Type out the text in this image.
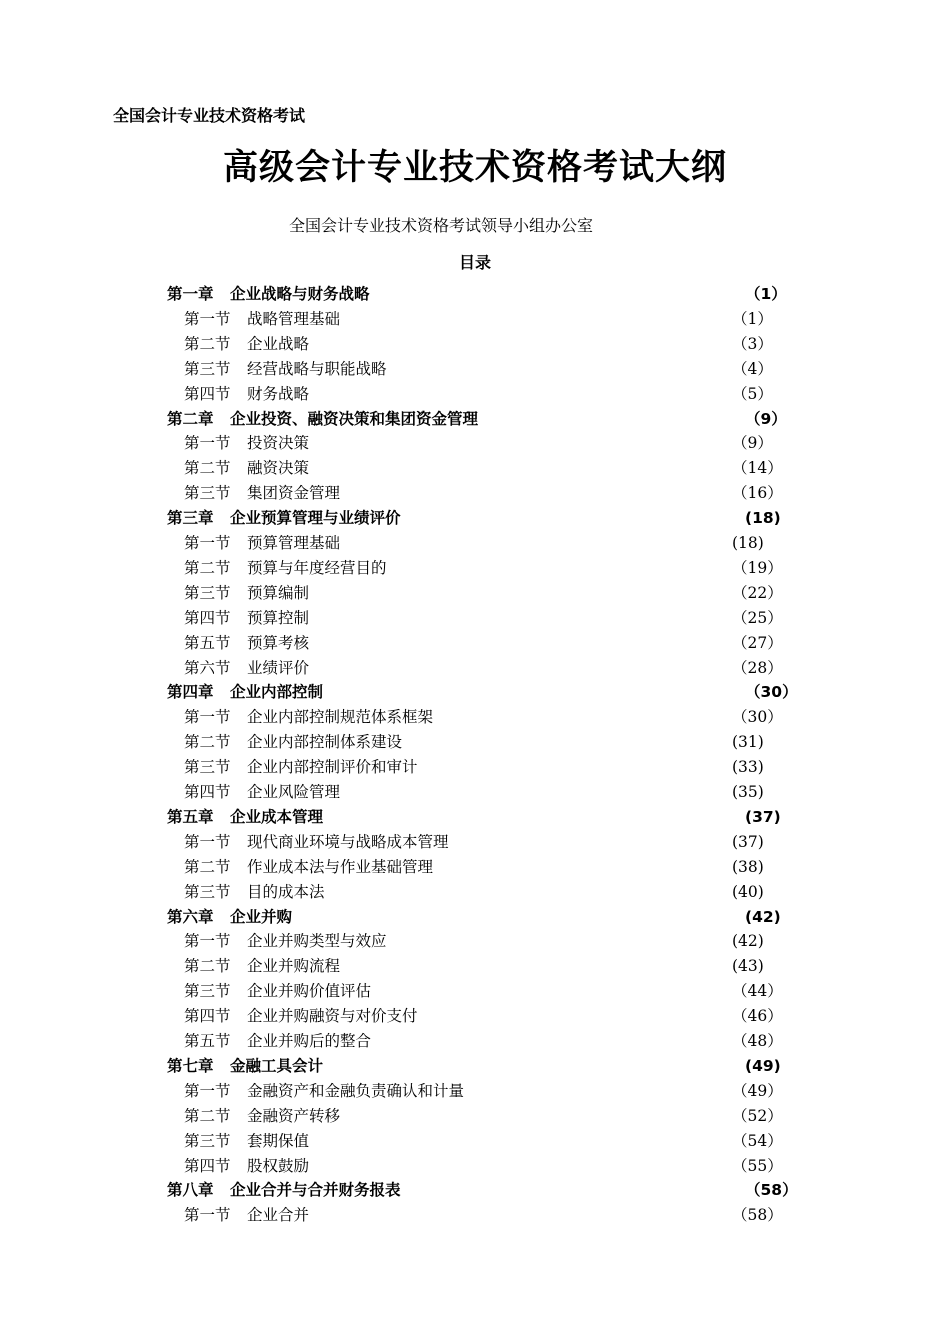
全国会计专业技术资格考试
高级会计专业技术资格考试大纲
全国会计专业技术资格考试领导小组办公室
目录
第一章 企业战略与财务战略	（1）
第一节 战略管理基础	（1）
第二节 企业战略	（3）
第三节 经营战略与职能战略	（4）
第四节 财务战略	（5）
第二章 企业投资、融资决策和集团资金管理	（9）
第一节 投资决策	（9）
第二节 融资决策	（14）
第三节 集团资金管理	（16）
第三章 企业预算管理与业绩评价	(18)
第一节 预算管理基础	(18)
第二节 预算与年度经营目的	（19）
第三节 预算编制	（22）
第四节 预算控制	（25）
第五节 预算考核	（27）
第六节 业绩评价	（28）
第四章 企业内部控制	（30）
第一节 企业内部控制规范体系框架	（30）
第二节 企业内部控制体系建设	(31)
第三节 企业内部控制评价和审计	(33)
第四节 企业风险管理	(35)
第五章 企业成本管理	(37)
第一节 现代商业环境与战略成本管理	(37)
第二节 作业成本法与作业基础管理	(38)
第三节 目的成本法	(40)
第六章 企业并购	(42)
第一节 企业并购类型与效应	(42)
第二节 企业并购流程	(43)
第三节 企业并购价值评估	（44）
第四节 企业并购融资与对价支付	（46）
第五节 企业并购后的整合	（48）
第七章 金融工具会计	(49)
第一节 金融资产和金融负责确认和计量	（49）
第二节 金融资产转移	（52）
第三节 套期保值	（54）
第四节 股权鼓励	（55）
第八章 企业合并与合并财务报表	（58）
第一节 企业合并	（58）
